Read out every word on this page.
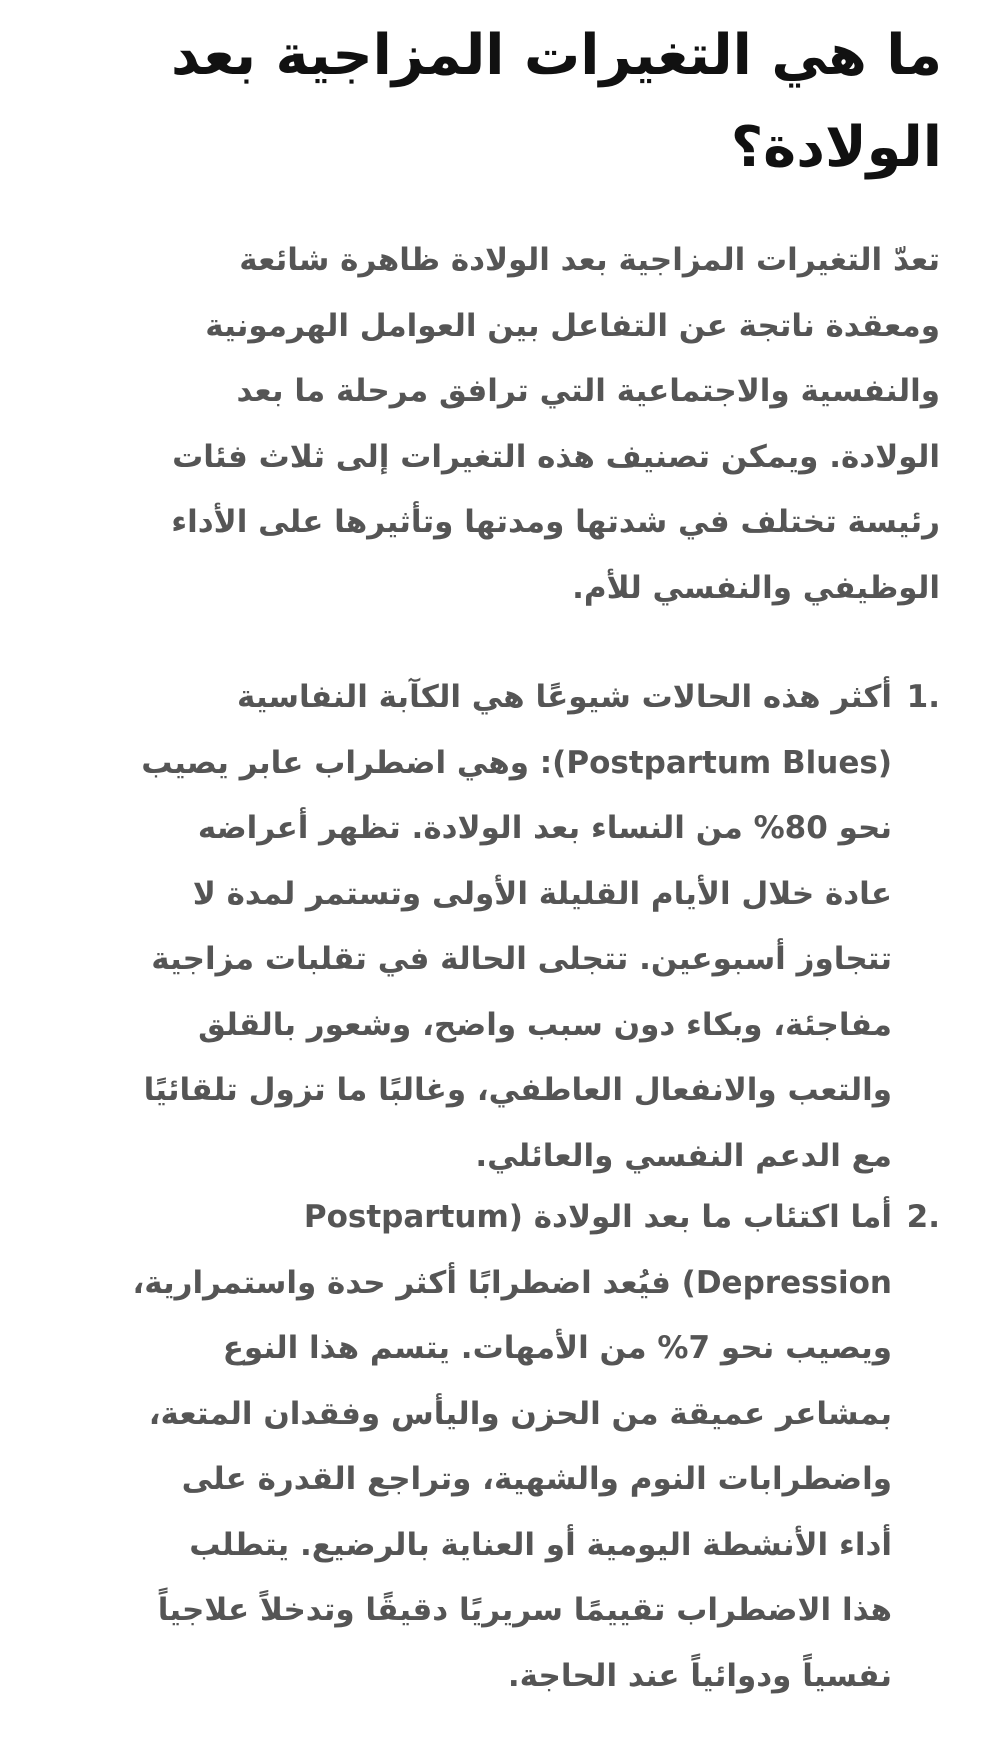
ما هي التغيرات المزاجية بعد
الولادة؟

تعدّ التغيرات المزاجية بعد الولادة ظاهرة شائعة
ومعقدة ناتجة عن التفاعل بين العوامل الهرمونية
والنفسية والاجتماعية التي ترافق مرحلة ما بعد
الولادة. ويمكن تصنيف هذه التغيرات إلى ثلاث فئات
رئيسة تختلف في شدتها ومدتها وتأثيرها على الأداء
الوظيفي والنفسي للأم.

1.
أكثر هذه الحالات شيوعًا هي الكآبة النفاسية
(Postpartum Blues): وهي اضطراب عابر يصيب
نحو 80% من النساء بعد الولادة. تظهر أعراضه
عادة خلال الأيام القليلة الأولى وتستمر لمدة لا
تتجاوز أسبوعين. تتجلى الحالة في تقلبات مزاجية
مفاجئة، وبكاء دون سبب واضح، وشعور بالقلق
والتعب والانفعال العاطفي، وغالبًا ما تزول تلقائيًا
مع الدعم النفسي والعائلي.
2.
أما اكتئاب ما بعد الولادة (Postpartum
Depression) فيُعد اضطرابًا أكثر حدة واستمرارية،
ويصيب نحو 7% من الأمهات. يتسم هذا النوع
بمشاعر عميقة من الحزن واليأس وفقدان المتعة،
واضطرابات النوم والشهية، وتراجع القدرة على
أداء الأنشطة اليومية أو العناية بالرضيع. يتطلب
هذا الاضطراب تقييمًا سريريًا دقيقًا وتدخلاً علاجياً
نفسياً ودوائياً عند الحاجة.
